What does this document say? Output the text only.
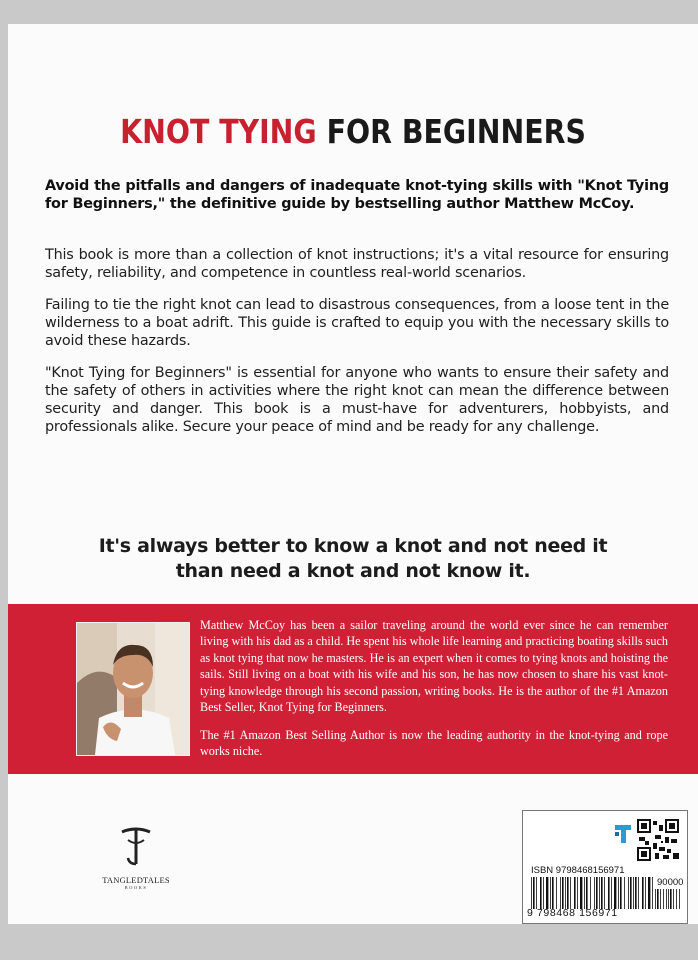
KNOT TYING FOR BEGINNERS

Avoid the pitfalls and dangers of inadequate knot-tying skills with "Knot Tying for Beginners," the definitive guide by bestselling author Matthew McCoy.

This book is more than a collection of knot instructions; it's a vital resource for ensuring safety, reliability, and competence in countless real-world scenarios.

Failing to tie the right knot can lead to disastrous consequences, from a loose tent in the wilderness to a boat adrift. This guide is crafted to equip you with the necessary skills to avoid these hazards.

"Knot Tying for Beginners" is essential for anyone who wants to ensure their safety and the safety of others in activities where the right knot can mean the difference between security and danger. This book is a must-have for adventurers, hobbyists, and professionals alike. Secure your peace of mind and be ready for any challenge.

It's always better to know a knot and not need it
than need a knot and not know it.

Matthew McCoy has been a sailor traveling around the world ever since he can remember living with his dad as a child. He spent his whole life learning and practicing boating skills such as knot tying that now he masters. He is an expert when it comes to tying knots and hoisting the sails. Still living on a boat with his wife and his son, he has now chosen to share his vast knot-tying knowledge through his second passion, writing books. He is the author of the #1 Amazon Best Seller, Knot Tying for Beginners.

The #1 Amazon Best Selling Author is now the leading authority in the knot-tying and rope works niche.

TANGLEDTALES
BOOKS
ISBN 9798468156971
90000
9 798468 156971
